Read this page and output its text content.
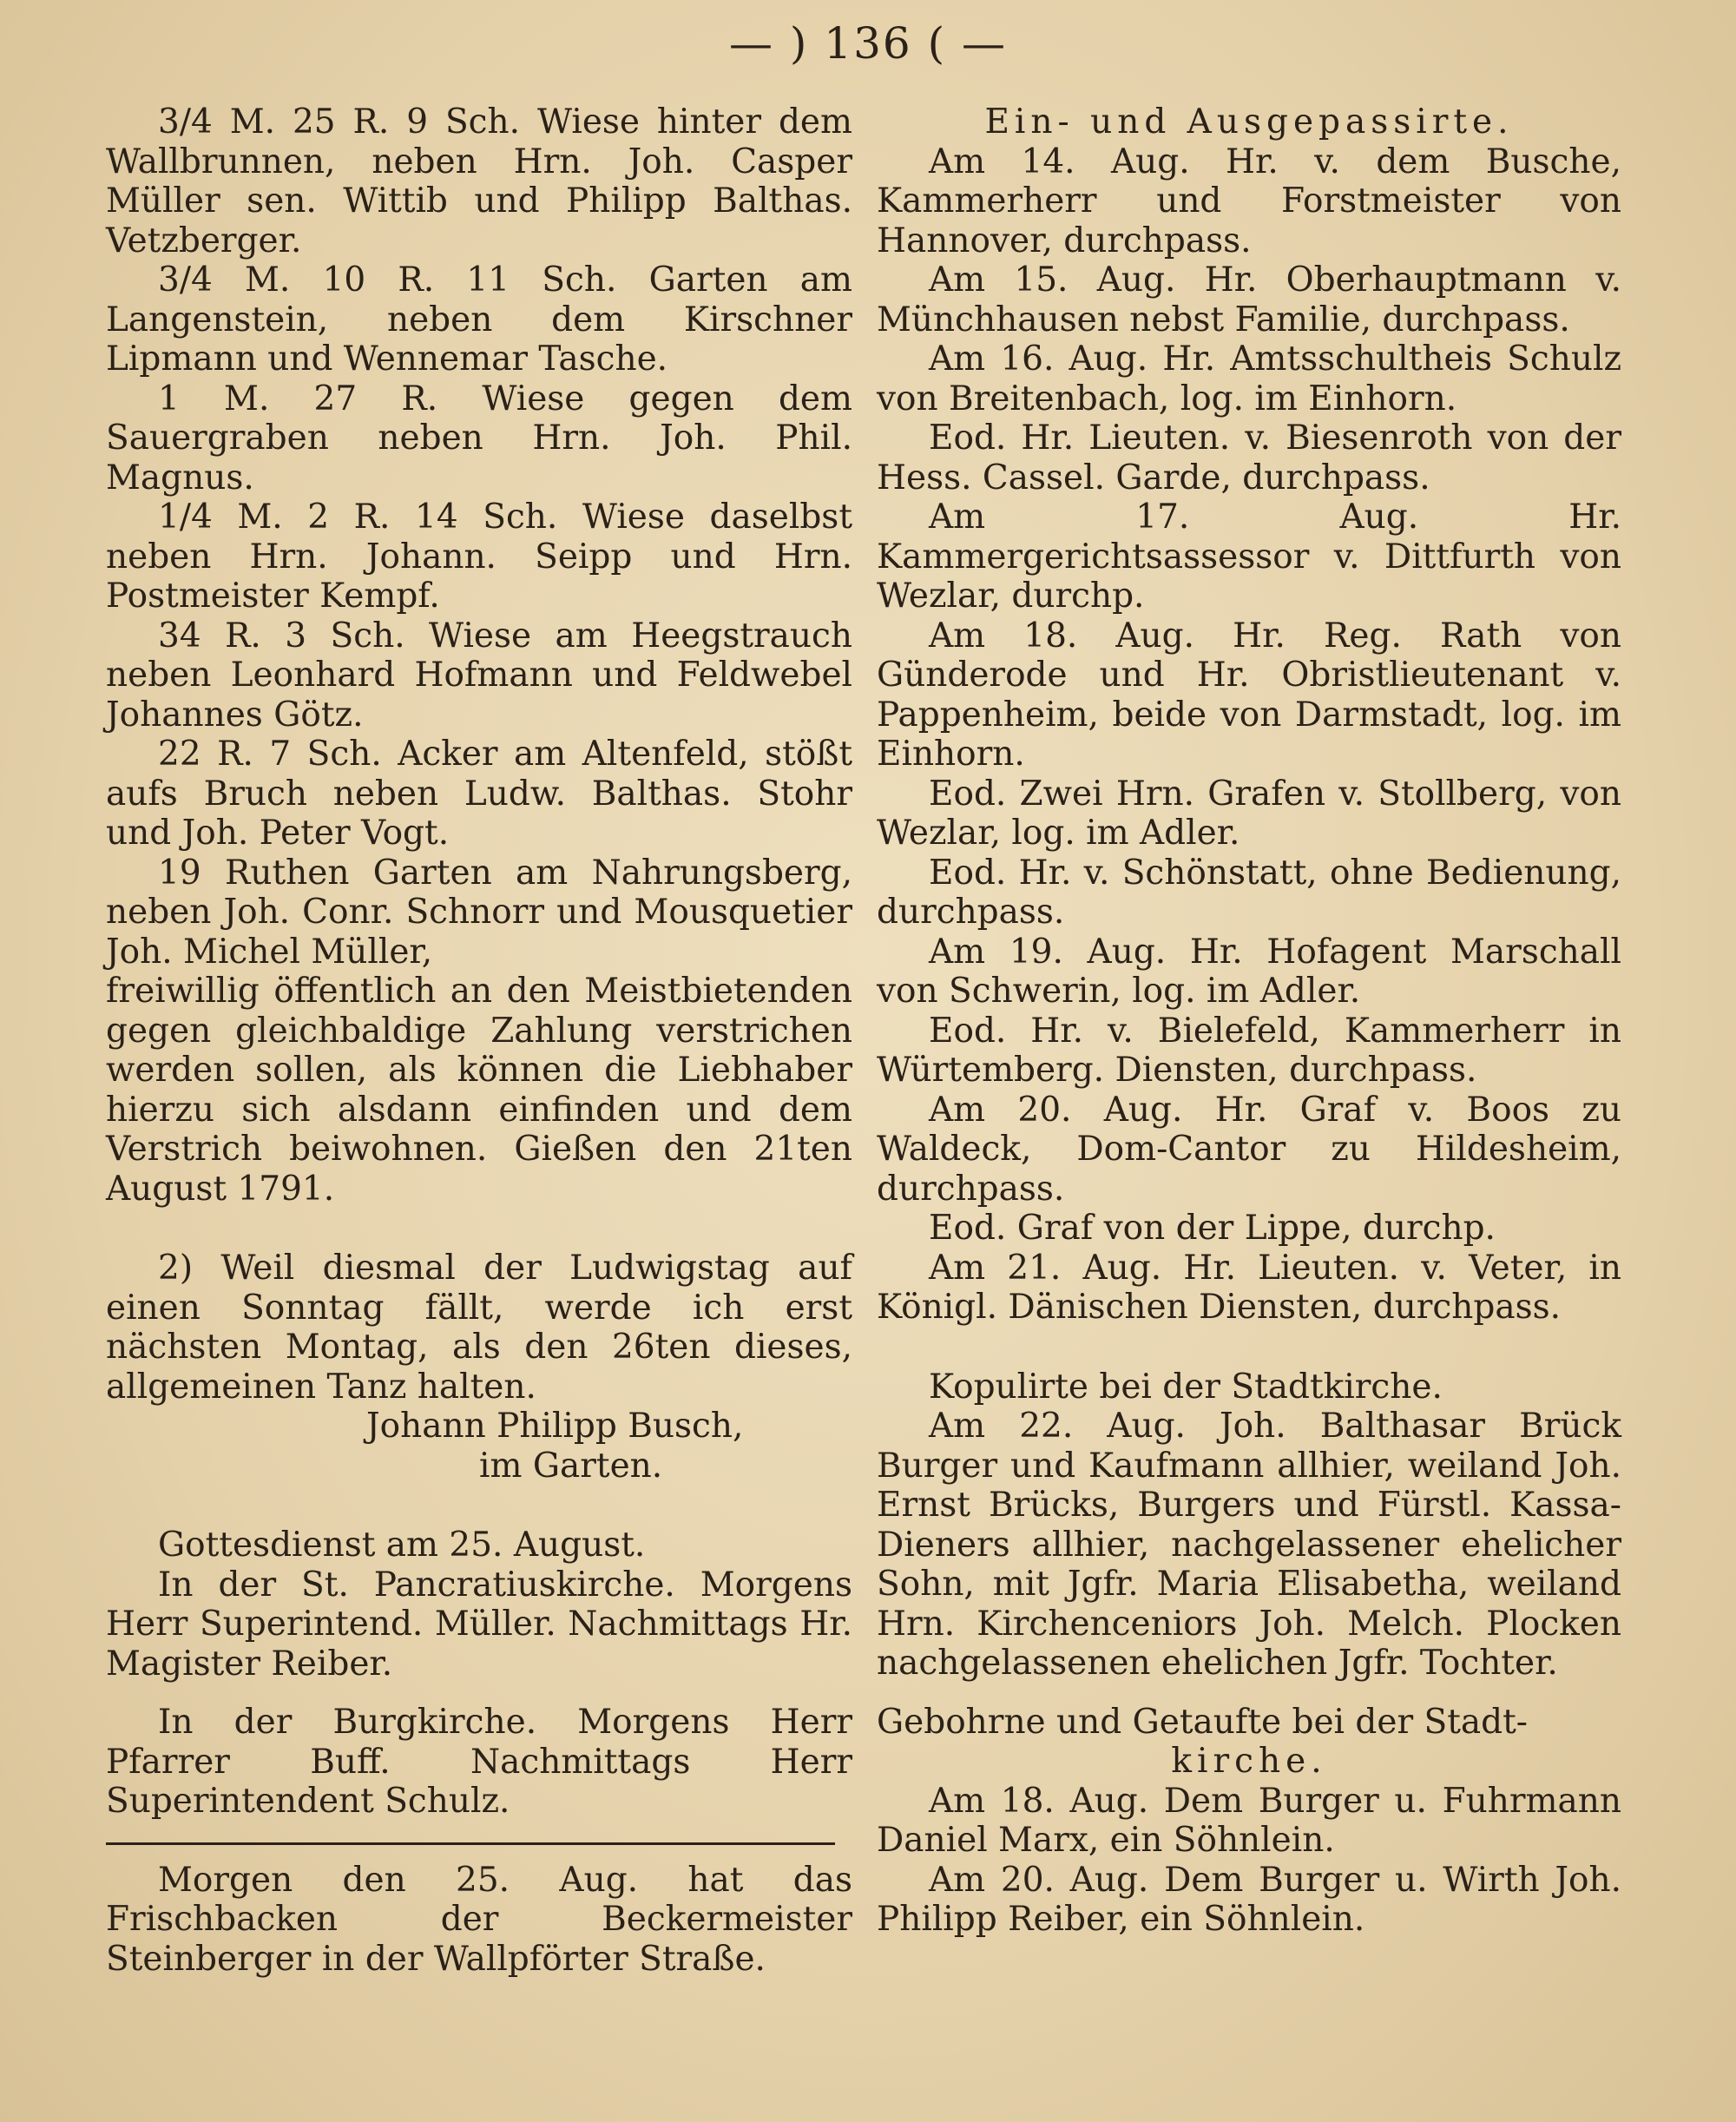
— ) 136 ( —

3/4 M. 25 R. 9 Sch. Wiese hinter dem Wallbrunnen, neben Hrn. Joh. Casper Müller sen. Wittib und Philipp Balthas. Vetzberger.

3/4 M. 10 R. 11 Sch. Garten am Langenstein, neben dem Kirschner Lipmann und Wennemar Tasche.

1 M. 27 R. Wiese gegen dem Sauergraben neben Hrn. Joh. Phil. Magnus.

1/4 M. 2 R. 14 Sch. Wiese daselbst neben Hrn. Johann. Seipp und Hrn. Postmeister Kempf.

34 R. 3 Sch. Wiese am Heegstrauch neben Leonhard Hofmann und Feldwebel Johannes Götz.

22 R. 7 Sch. Acker am Altenfeld, stößt aufs Bruch neben Ludw. Balthas. Stohr und Joh. Peter Vogt.

19 Ruthen Garten am Nahrungsberg, neben Joh. Conr. Schnorr und Mousquetier Joh. Michel Müller,

freiwillig öffentlich an den Meistbietenden gegen gleichbaldige Zahlung verstrichen werden sollen, als können die Liebhaber hierzu sich alsdann einfinden und dem Verstrich beiwohnen. Gießen den 21ten August 1791.

2) Weil diesmal der Ludwigstag auf einen Sonntag fällt, werde ich erst nächsten Montag, als den 26ten dieses, allgemeinen Tanz halten.

Johann Philipp Busch,

im Garten.

Gottesdienst am 25. August.

In der St. Pancratiuskirche. Morgens Herr Superintend. Müller. Nachmittags Hr. Magister Reiber.

In der Burgkirche. Morgens Herr Pfarrer Buff. Nachmittags Herr Superintendent Schulz.

Morgen den 25. Aug. hat das Frischbacken der Beckermeister Steinberger in der Wallpförter Straße.

Ein- und Ausgepassirte.

Am 14. Aug. Hr. v. dem Busche, Kammerherr und Forstmeister von Hannover, durchpass.

Am 15. Aug. Hr. Oberhauptmann v. Münchhausen nebst Familie, durchpass.

Am 16. Aug. Hr. Amtsschultheis Schulz von Breitenbach, log. im Einhorn.

Eod. Hr. Lieuten. v. Biesenroth von der Hess. Cassel. Garde, durchpass.

Am 17. Aug. Hr. Kammergerichtsassessor v. Dittfurth von Wezlar, durchp.

Am 18. Aug. Hr. Reg. Rath von Günderode und Hr. Obristlieutenant v. Pappenheim, beide von Darmstadt, log. im Einhorn.

Eod. Zwei Hrn. Grafen v. Stollberg, von Wezlar, log. im Adler.

Eod. Hr. v. Schönstatt, ohne Bedienung, durchpass.

Am 19. Aug. Hr. Hofagent Marschall von Schwerin, log. im Adler.

Eod. Hr. v. Bielefeld, Kammerherr in Würtemberg. Diensten, durchpass.

Am 20. Aug. Hr. Graf v. Boos zu Waldeck, Dom-Cantor zu Hildesheim, durchpass.

Eod. Graf von der Lippe, durchp.

Am 21. Aug. Hr. Lieuten. v. Veter, in Königl. Dänischen Diensten, durchpass.

Kopulirte bei der Stadtkirche.

Am 22. Aug. Joh. Balthasar Brück Burger und Kaufmann allhier, weiland Joh. Ernst Brücks, Burgers und Fürstl. Kassa-Dieners allhier, nachgelassener ehelicher Sohn, mit Jgfr. Maria Elisabetha, weiland Hrn. Kirchenсeniors Joh. Melch. Plocken nachgelassenen ehelichen Jgfr. Tochter.

Gebohrne und Getaufte bei der Stadt-

kirche.

Am 18. Aug. Dem Burger u. Fuhrmann Daniel Marx, ein Söhnlein.

Am 20. Aug. Dem Burger u. Wirth Joh. Philipp Reiber, ein Söhnlein.
